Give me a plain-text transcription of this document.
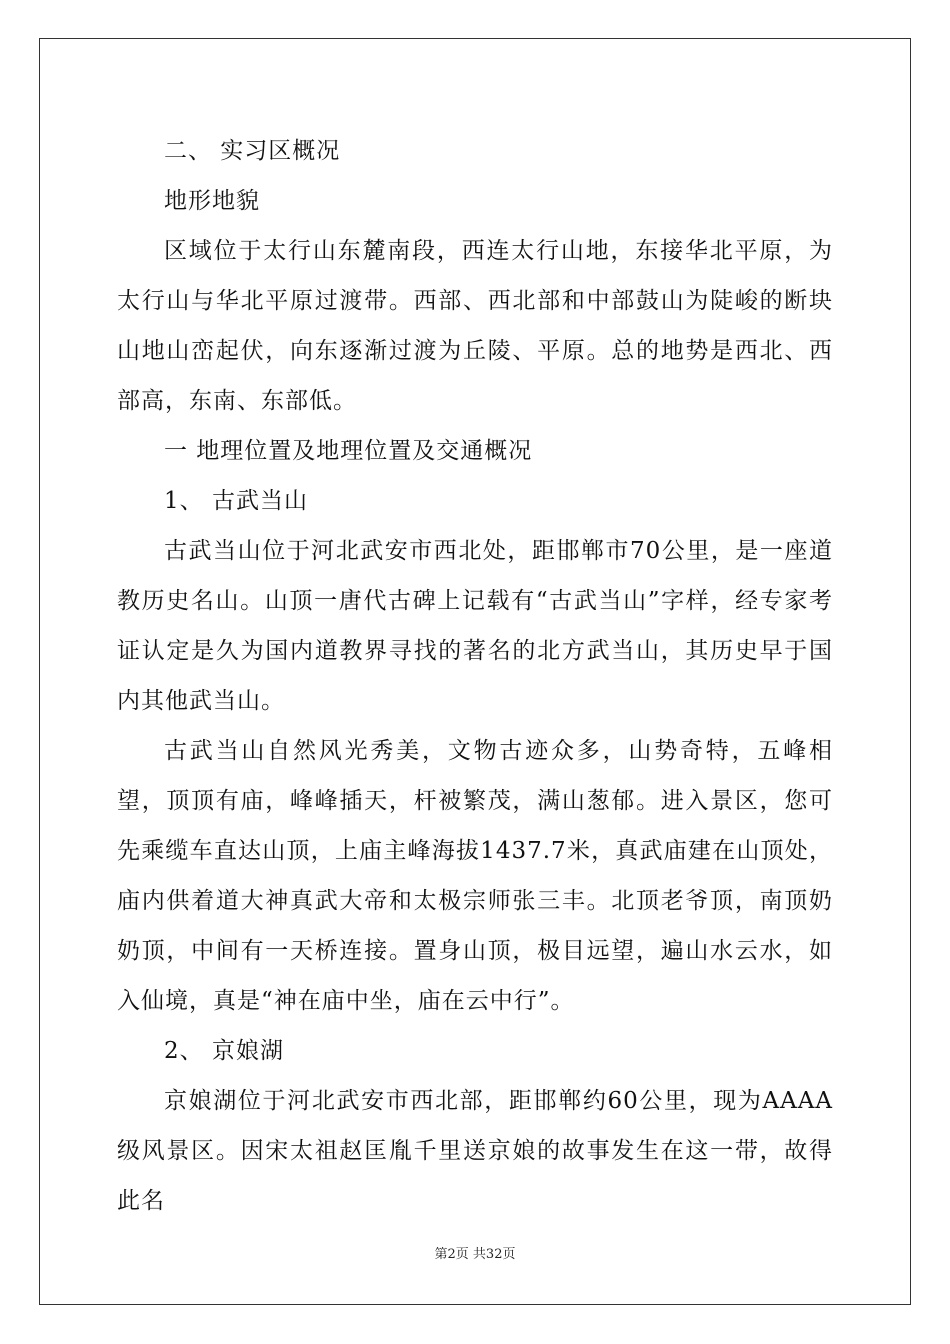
二、 实习区概况
地形地貌
区域位于太行山东麓南段，西连太行山地，东接华北平原，为太行山与华北平原过渡带。西部、西北部和中部鼓山为陡峻的断块山地山峦起伏，向东逐渐过渡为丘陵、平原。总的地势是西北、西部高，东南、东部低。
一 地理位置及地理位置及交通概况
1、 古武当山
古武当山位于河北武安市西北处，距邯郸市70公里，是一座道教历史名山。山顶一唐代古碑上记载有“古武当山”字样，经专家考证认定是久为国内道教界寻找的著名的北方武当山，其历史早于国内其他武当山。
古武当山自然风光秀美，文物古迹众多，山势奇特，五峰相望，顶顶有庙，峰峰插天，杆被繁茂，满山葱郁。进入景区，您可先乘缆车直达山顶，上庙主峰海拔1437.7米，真武庙建在山顶处，庙内供着道大神真武大帝和太极宗师张三丰。北顶老爷顶，南顶奶奶顶，中间有一天桥连接。置身山顶，极目远望，遍山水云水，如入仙境，真是“神在庙中坐，庙在云中行”。
2、 京娘湖
京娘湖位于河北武安市西北部，距邯郸约60公里，现为AAAA级风景区。因宋太祖赵匡胤千里送京娘的故事发生在这一带，故得此名
第2页 共32页
